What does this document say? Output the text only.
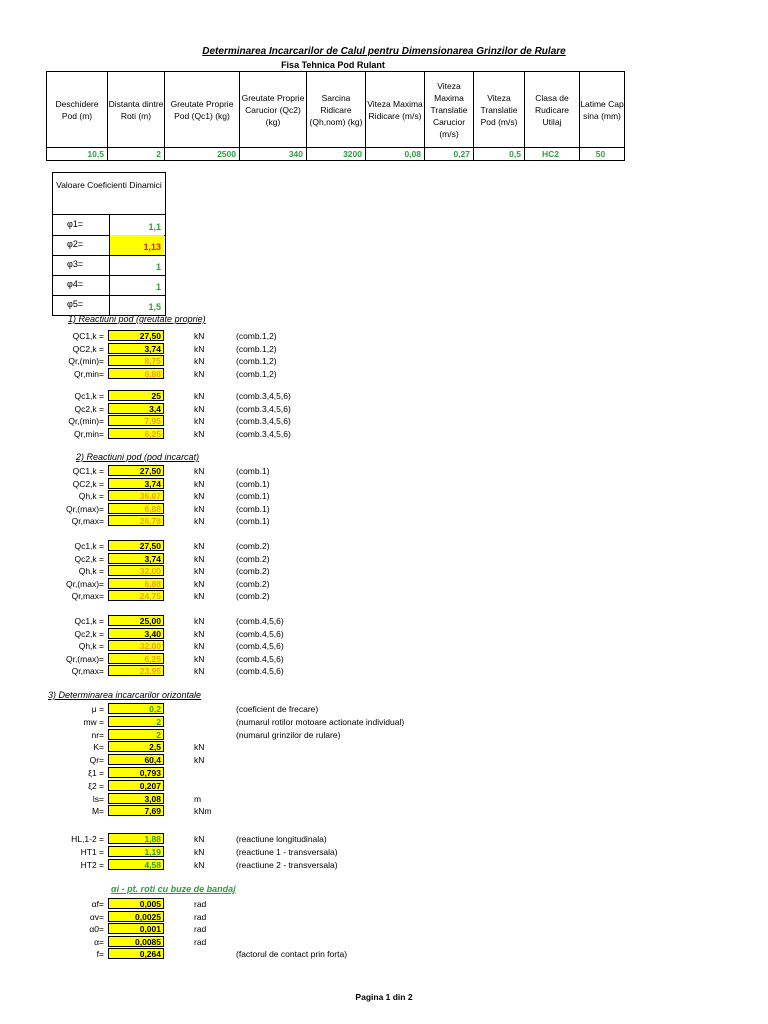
Determinarea Incarcarilor de Calul pentru Dimensionarea Grinzilor de Rulare
Fisa Tehnica Pod Rulant
Deschidere Pod (m)	Distanta dintre Roti (m)	Greutate Proprie Pod (Qc1) (kg)	Greutate Proprie Carucior (Qc2) (kg)	Sarcina Ridicare (Qh,nom) (kg)	Viteza Maxima Ridicare (m/s)	Viteza Maxima Translatie Carucior (m/s)	Viteza Translatie Pod (m/s)	Clasa de Rudicare Utilaj	Latime Cap sina (mm)
10,5	2	2500	340	3200	0,08	0,27	0,5	HC2	50
Valoare Coeficienti Dinamici
φ1=	1,1
φ2=	1,13
φ3=	1
φ4=	1
φ5=	1,5
1) Reactiuni pod (greutate proprie)
2) Reactiuni pod (pod incarcat)
3) Determinarea incarcarilor orizontale
αi - pt. roti cu buze de bandaj
QC1,k =	27,50	kN	(comb.1,2)
QC2,k =	3,74	kN	(comb.1,2)
Qr,(min)=	8,75	kN	(comb.1,2)
Qr,min=	6,88	kN	(comb.1,2)
Qc1,k =	25	kN	(comb.3,4,5,6)
Qc2,k =	3,4	kN	(comb.3,4,5,6)
Qr,(min)=	7,95	kN	(comb.3,4,5,6)
Qr,min=	6,25	kN	(comb.3,4,5,6)
QC1,k =	27,50	kN	(comb.1)
QC2,k =	3,74	kN	(comb.1)
Qh,k =	36,07	kN	(comb.1)
Qr,(max)=	6,88	kN	(comb.1)
Qr,max=	26,78	kN	(comb.1)
Qc1,k =	27,50	kN	(comb.2)
Qc2,k =	3,74	kN	(comb.2)
Qh,k =	32,00	kN	(comb.2)
Qr,(max)=	6,88	kN	(comb.2)
Qr,max=	24,75	kN	(comb.2)
Qc1,k =	25,00	kN	(comb.4,5,6)
Qc2,k =	3,40	kN	(comb.4,5,6)
Qh,k =	32,00	kN	(comb.4,5,6)
Qr,(max)=	6,25	kN	(comb.4,5,6)
Qr,max=	23,95	kN	(comb.4,5,6)
μ =	0,2	(coeficient de frecare)
mw =	2	(numarul rotilor motoare actionate individual)
nr=	2	(numarul grinzilor de rulare)
K=	2,5	kN
Qr=	60,4	kN
ξ1 =	0,793
ξ2 =	0,207
ls=	3,08	m
M=	7,69	kNm
HL,1-2 =	1,88	kN	(reactiune longitudinala)
HT1 =	1,19	kN	(reactiune 1 - transversala)
HT2 =	4,58	kN	(reactiune 2 - transversala)
αf=	0,005	rad
αv=	0,0025	rad
α0=	0,001	rad
α=	0,0085	rad
f=	0,264	(factorul de contact prin forta)
Pagina 1 din 2
